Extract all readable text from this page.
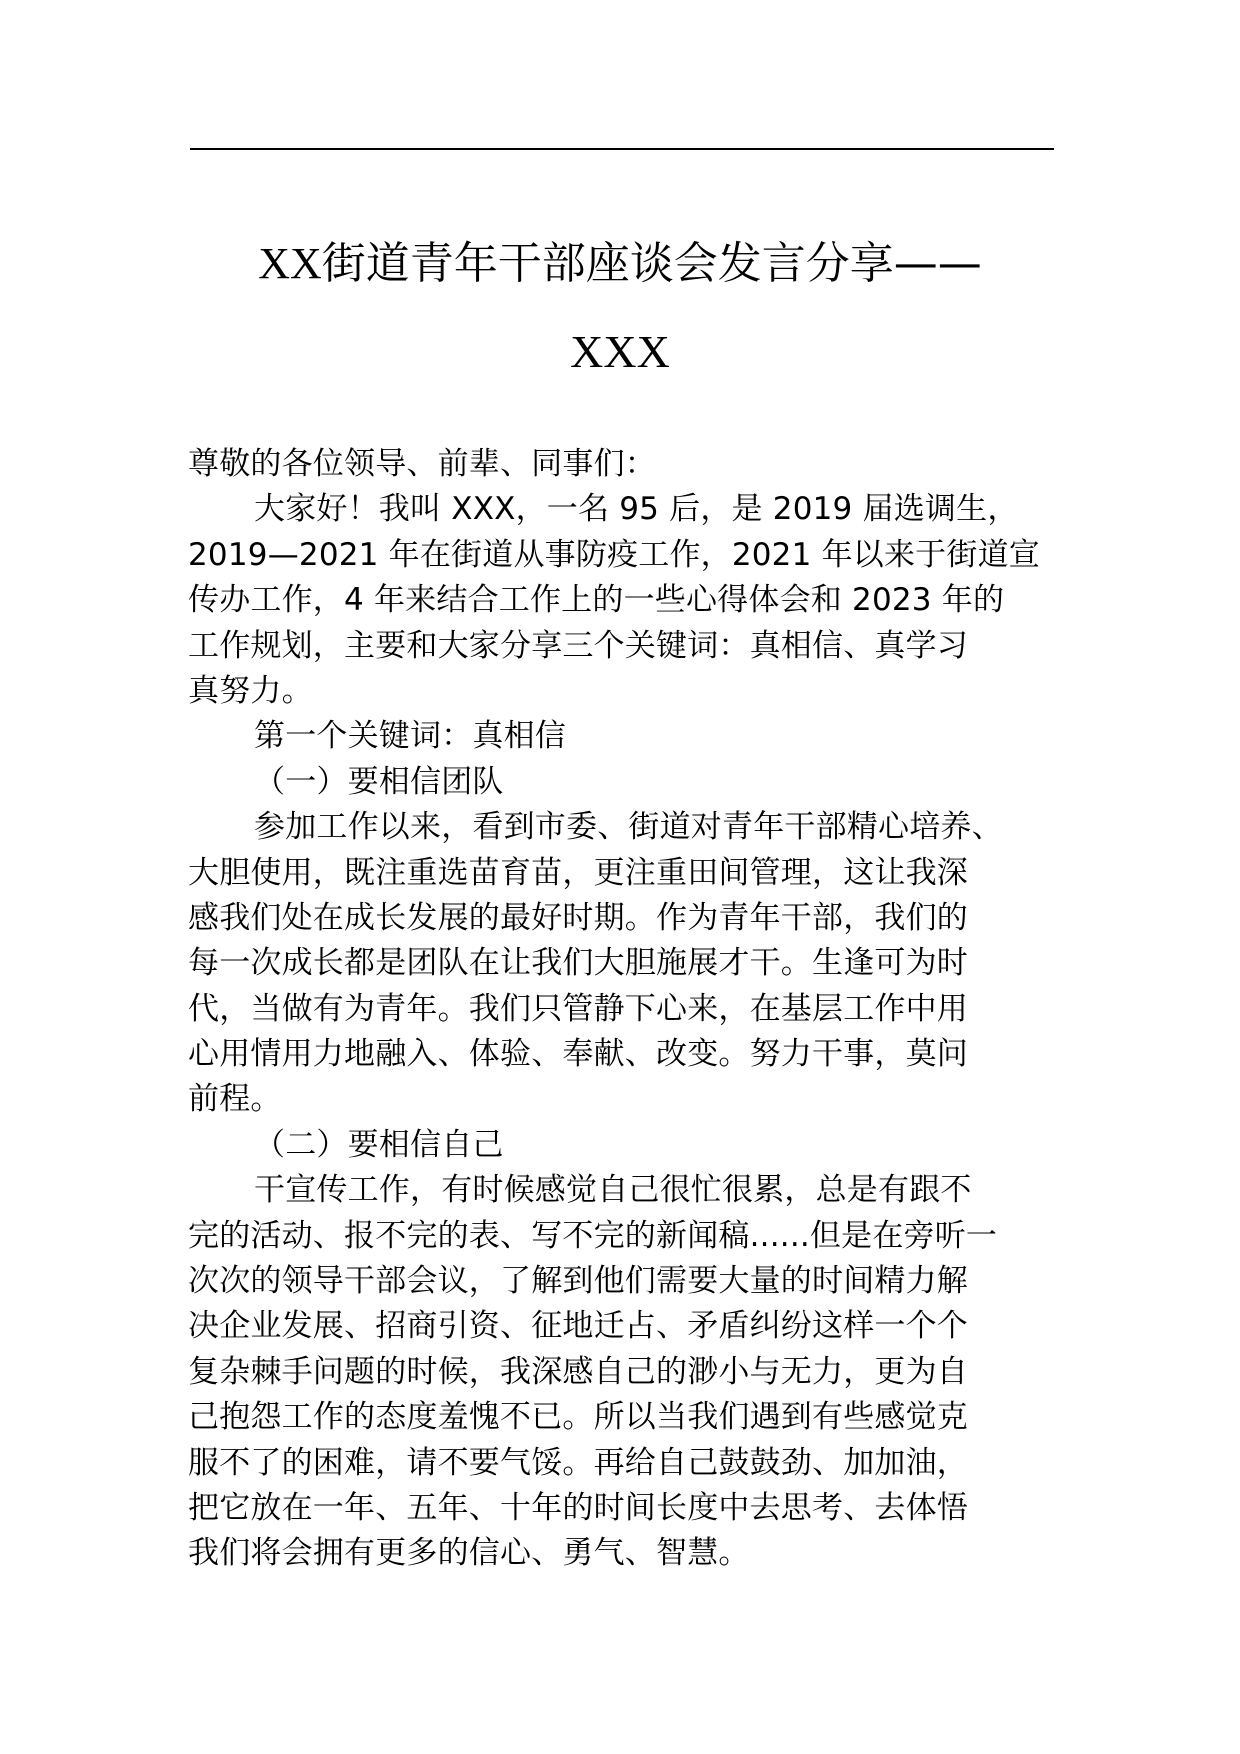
XX街道青年干部座谈会发言分享——
XXX
尊敬的各位领导、前辈、同事们：
大家好！我叫 XXX，一名 95 后，是 2019 届选调生，
2019—2021 年在街道从事防疫工作，2021 年以来于街道宣
传办工作，4 年来结合工作上的一些心得体会和 2023 年的
工作规划，主要和大家分享三个关键词：真相信、真学习
真努力。
第一个关键词：真相信
（一）要相信团队
参加工作以来，看到市委、街道对青年干部精心培养、
大胆使用，既注重选苗育苗，更注重田间管理，这让我深
感我们处在成长发展的最好时期。作为青年干部，我们的
每一次成长都是团队在让我们大胆施展才干。生逢可为时
代，当做有为青年。我们只管静下心来，在基层工作中用
心用情用力地融入、体验、奉献、改变。努力干事，莫问
前程。
（二）要相信自己
干宣传工作，有时候感觉自己很忙很累，总是有跟不
完的活动、报不完的表、写不完的新闻稿......但是在旁听一
次次的领导干部会议，了解到他们需要大量的时间精力解
决企业发展、招商引资、征地迁占、矛盾纠纷这样一个个
复杂棘手问题的时候，我深感自己的渺小与无力，更为自
己抱怨工作的态度羞愧不已。所以当我们遇到有些感觉克
服不了的困难，请不要气馁。再给自己鼓鼓劲、加加油，
把它放在一年、五年、十年的时间长度中去思考、去体悟
我们将会拥有更多的信心、勇气、智慧。
